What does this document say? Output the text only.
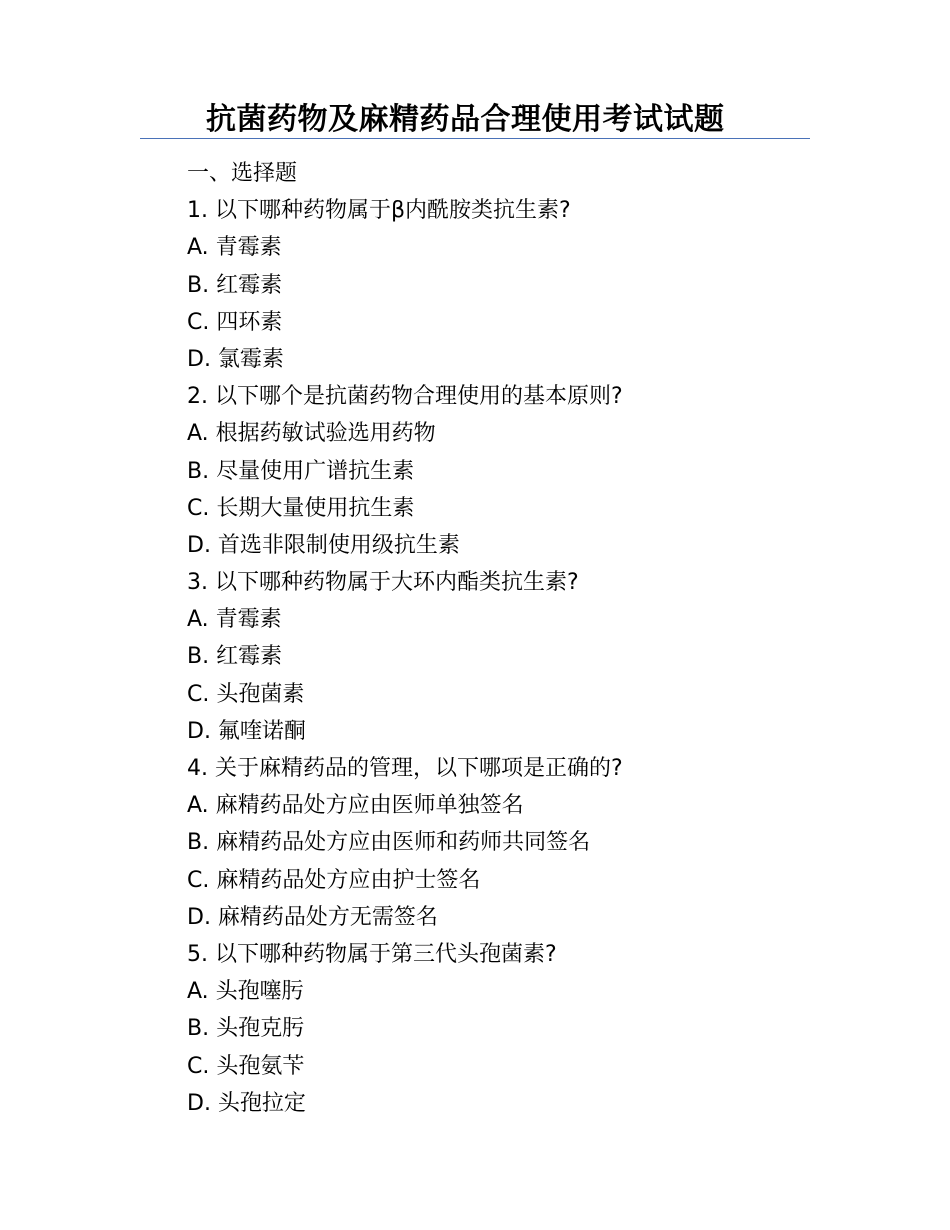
抗菌药物及麻精药品合理使用考试试题
一、选择题
1. 以下哪种药物属于β内酰胺类抗生素?
A. 青霉素
B. 红霉素
C. 四环素
D. 氯霉素
2. 以下哪个是抗菌药物合理使用的基本原则?
A. 根据药敏试验选用药物
B. 尽量使用广谱抗生素
C. 长期大量使用抗生素
D. 首选非限制使用级抗生素
3. 以下哪种药物属于大环内酯类抗生素?
A. 青霉素
B. 红霉素
C. 头孢菌素
D. 氟喹诺酮
4. 关于麻精药品的管理，以下哪项是正确的?
A. 麻精药品处方应由医师单独签名
B. 麻精药品处方应由医师和药师共同签名
C. 麻精药品处方应由护士签名
D. 麻精药品处方无需签名
5. 以下哪种药物属于第三代头孢菌素?
A. 头孢噻肟
B. 头孢克肟
C. 头孢氨苄
D. 头孢拉定
